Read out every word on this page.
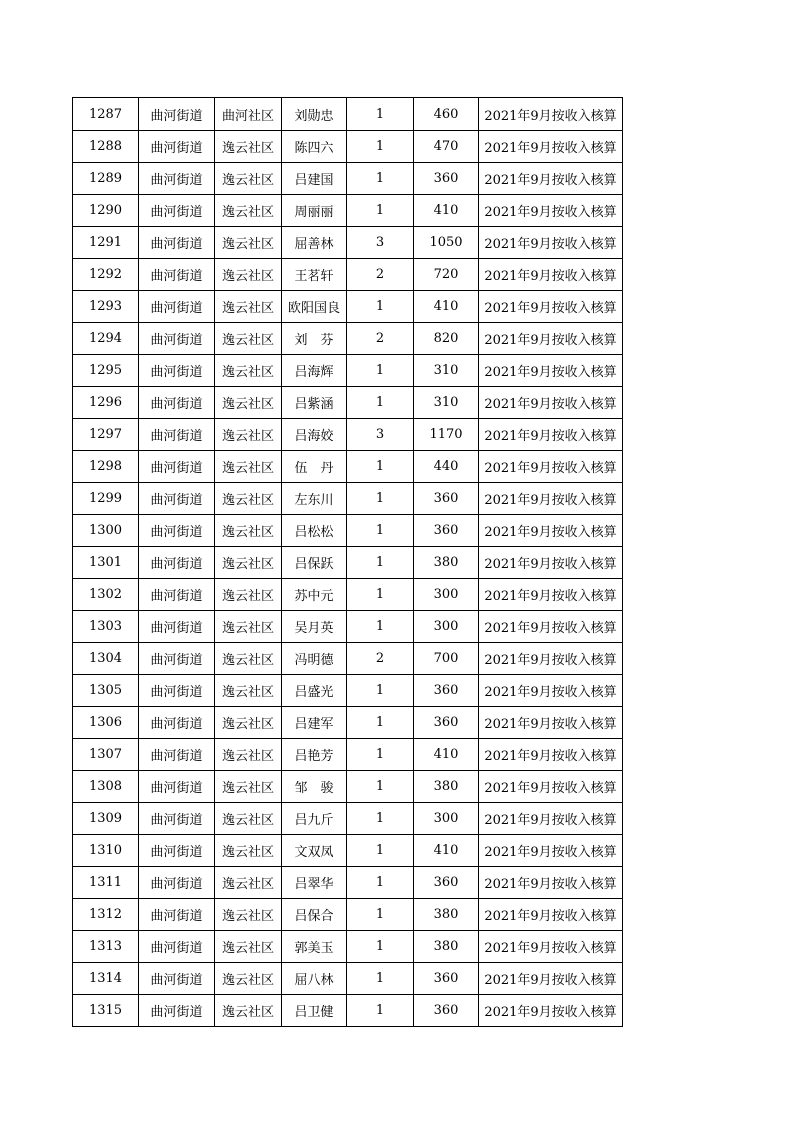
1287	曲河街道	曲河社区	刘勋忠	1	460	2021年9月按收入核算
1288	曲河街道	逸云社区	陈四六	1	470	2021年9月按收入核算
1289	曲河街道	逸云社区	吕建国	1	360	2021年9月按收入核算
1290	曲河街道	逸云社区	周丽丽	1	410	2021年9月按收入核算
1291	曲河街道	逸云社区	屈善林	3	1050	2021年9月按收入核算
1292	曲河街道	逸云社区	王茗轩	2	720	2021年9月按收入核算
1293	曲河街道	逸云社区	欧阳国良	1	410	2021年9月按收入核算
1294	曲河街道	逸云社区	刘　芬	2	820	2021年9月按收入核算
1295	曲河街道	逸云社区	吕海辉	1	310	2021年9月按收入核算
1296	曲河街道	逸云社区	吕紫涵	1	310	2021年9月按收入核算
1297	曲河街道	逸云社区	吕海姣	3	1170	2021年9月按收入核算
1298	曲河街道	逸云社区	伍　丹	1	440	2021年9月按收入核算
1299	曲河街道	逸云社区	左东川	1	360	2021年9月按收入核算
1300	曲河街道	逸云社区	吕松松	1	360	2021年9月按收入核算
1301	曲河街道	逸云社区	吕保跃	1	380	2021年9月按收入核算
1302	曲河街道	逸云社区	苏中元	1	300	2021年9月按收入核算
1303	曲河街道	逸云社区	吴月英	1	300	2021年9月按收入核算
1304	曲河街道	逸云社区	冯明德	2	700	2021年9月按收入核算
1305	曲河街道	逸云社区	吕盛光	1	360	2021年9月按收入核算
1306	曲河街道	逸云社区	吕建军	1	360	2021年9月按收入核算
1307	曲河街道	逸云社区	吕艳芳	1	410	2021年9月按收入核算
1308	曲河街道	逸云社区	邹　骏	1	380	2021年9月按收入核算
1309	曲河街道	逸云社区	吕九斤	1	300	2021年9月按收入核算
1310	曲河街道	逸云社区	文双凤	1	410	2021年9月按收入核算
1311	曲河街道	逸云社区	吕翠华	1	360	2021年9月按收入核算
1312	曲河街道	逸云社区	吕保合	1	380	2021年9月按收入核算
1313	曲河街道	逸云社区	郭美玉	1	380	2021年9月按收入核算
1314	曲河街道	逸云社区	屈八林	1	360	2021年9月按收入核算
1315	曲河街道	逸云社区	吕卫健	1	360	2021年9月按收入核算
